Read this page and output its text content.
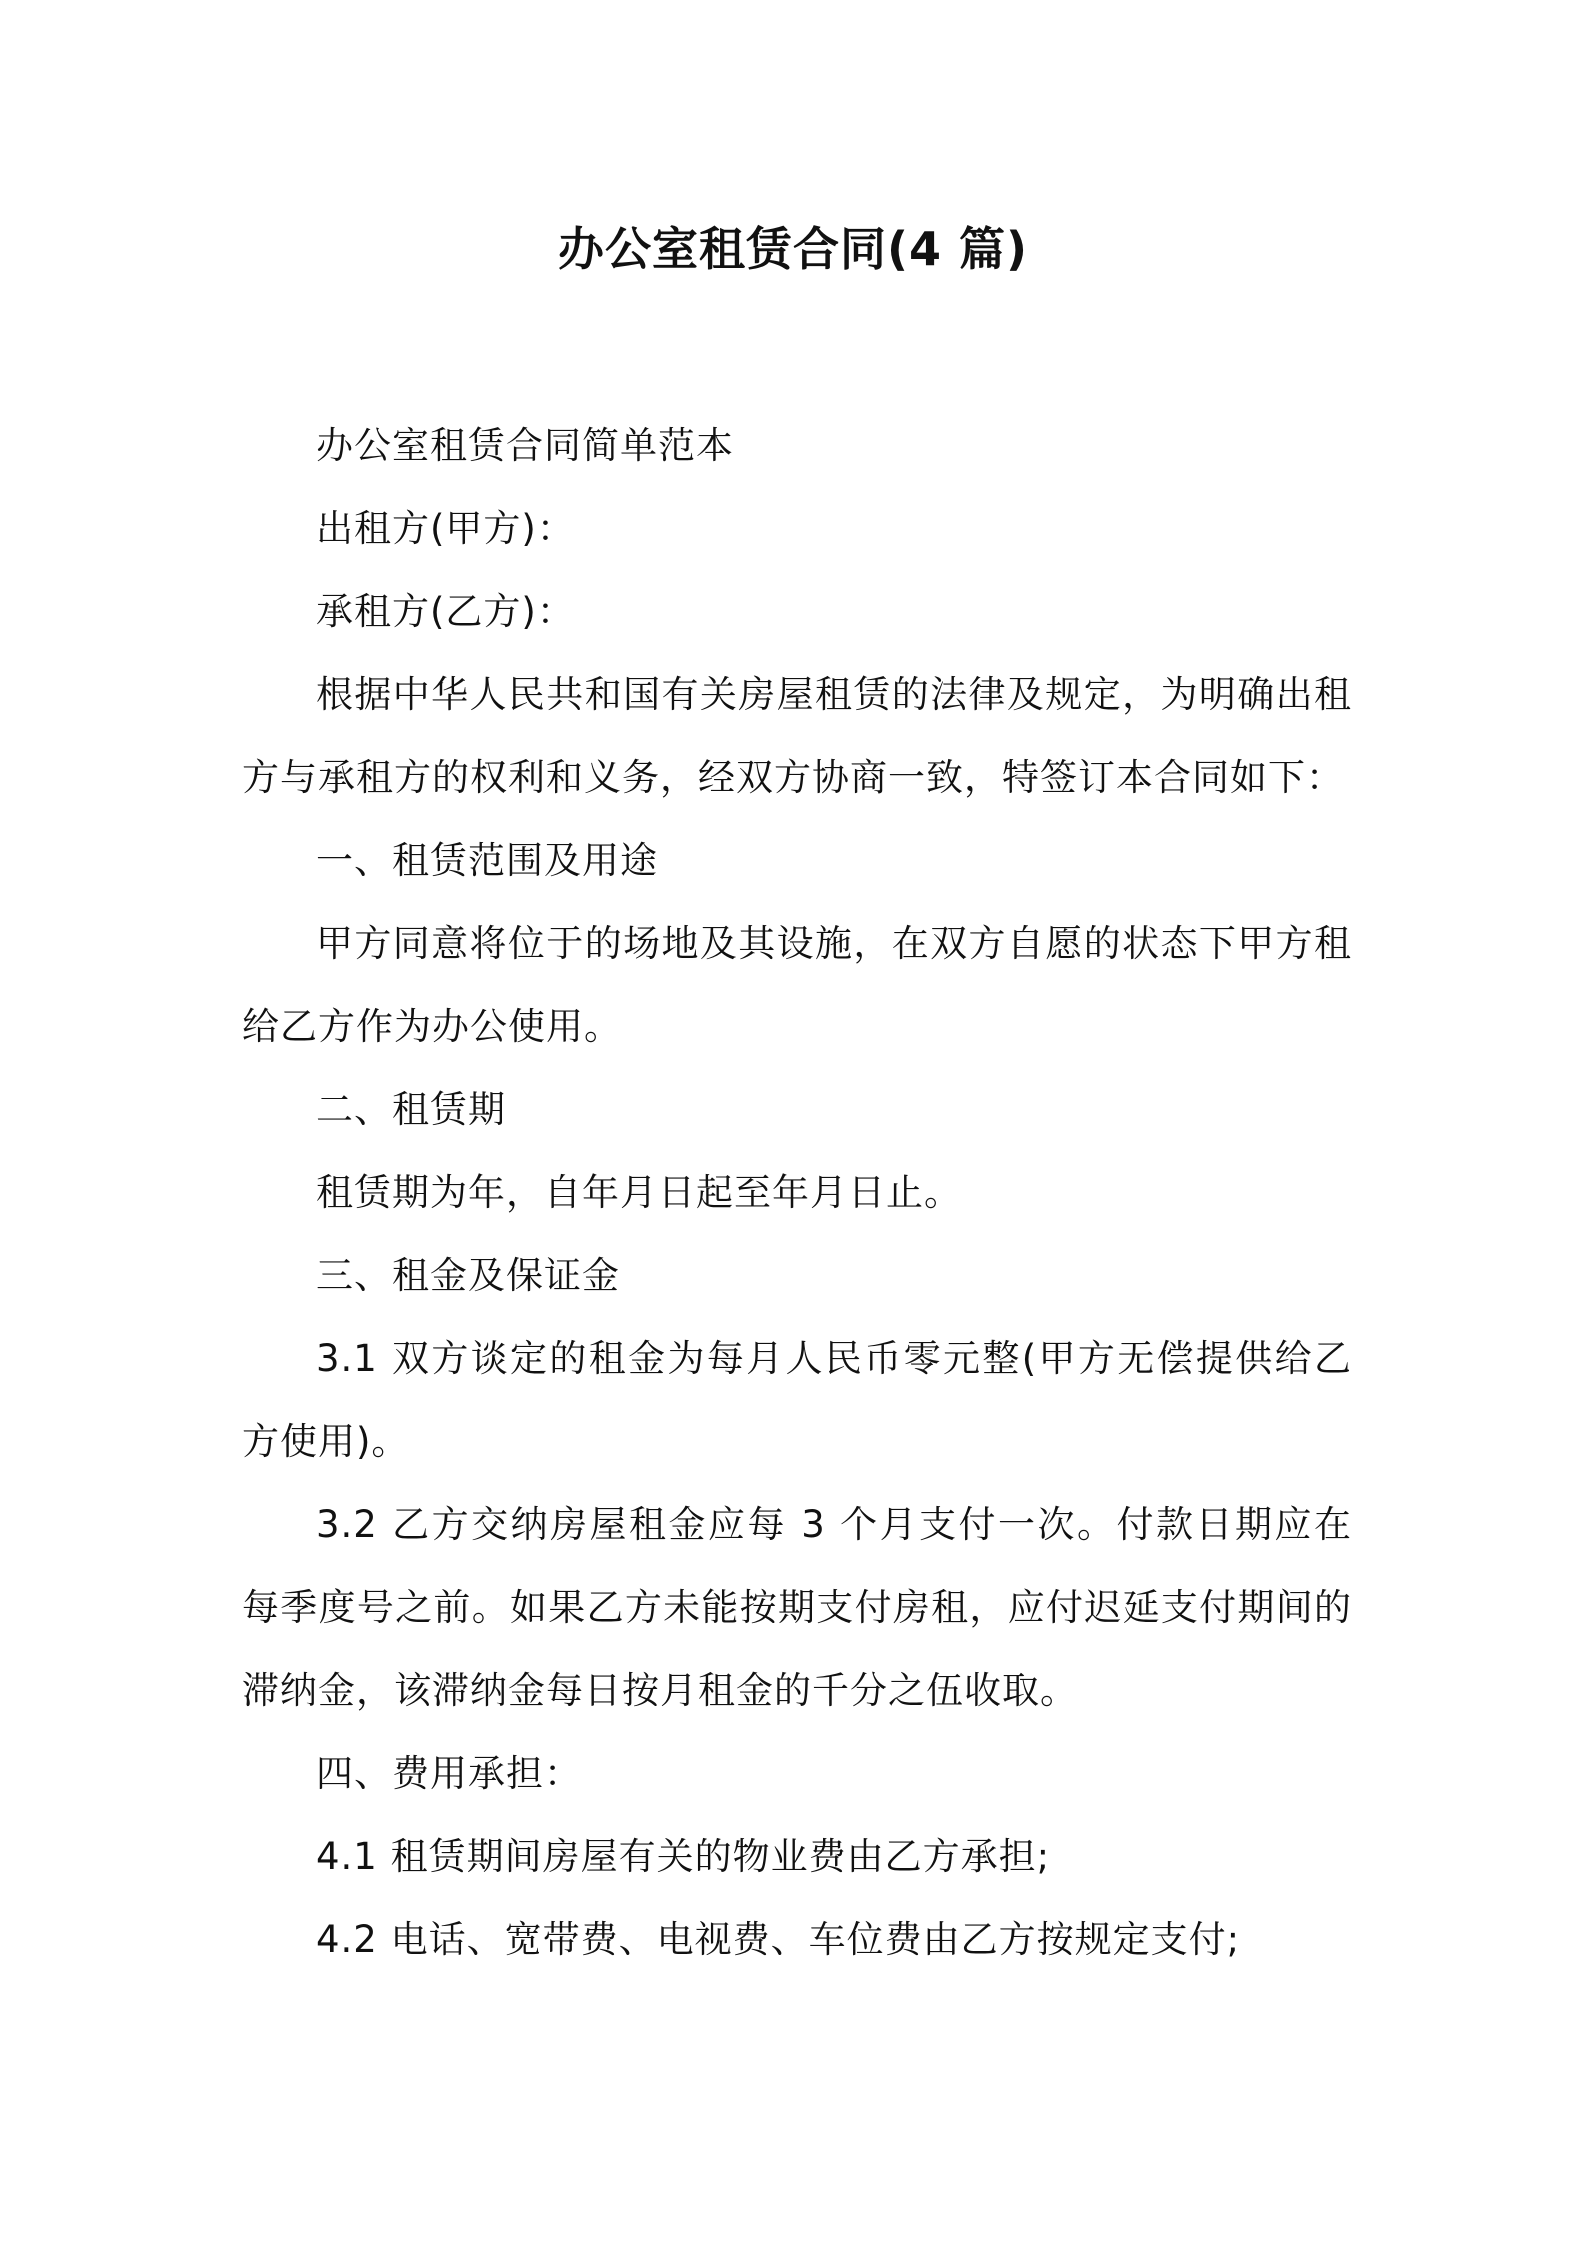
办公室租赁合同(4 篇)

办公室租赁合同简单范本

出租方(甲方)：

承租方(乙方)：

根据中华人民共和国有关房屋租赁的法律及规定，为明确出租方与承租方的权利和义务，经双方协商一致，特签订本合同如下：

一、租赁范围及用途

甲方同意将位于的场地及其设施，在双方自愿的状态下甲方租给乙方作为办公使用。

二、租赁期

租赁期为年，自年月日起至年月日止。

三、租金及保证金

3.1 双方谈定的租金为每月人民币零元整(甲方无偿提供给乙方使用)。

3.2 乙方交纳房屋租金应每 3 个月支付一次。付款日期应在每季度号之前。如果乙方未能按期支付房租，应付迟延支付期间的滞纳金，该滞纳金每日按月租金的千分之伍收取。

四、费用承担：

4.1 租赁期间房屋有关的物业费由乙方承担;

4.2 电话、宽带费、电视费、车位费由乙方按规定支付;
